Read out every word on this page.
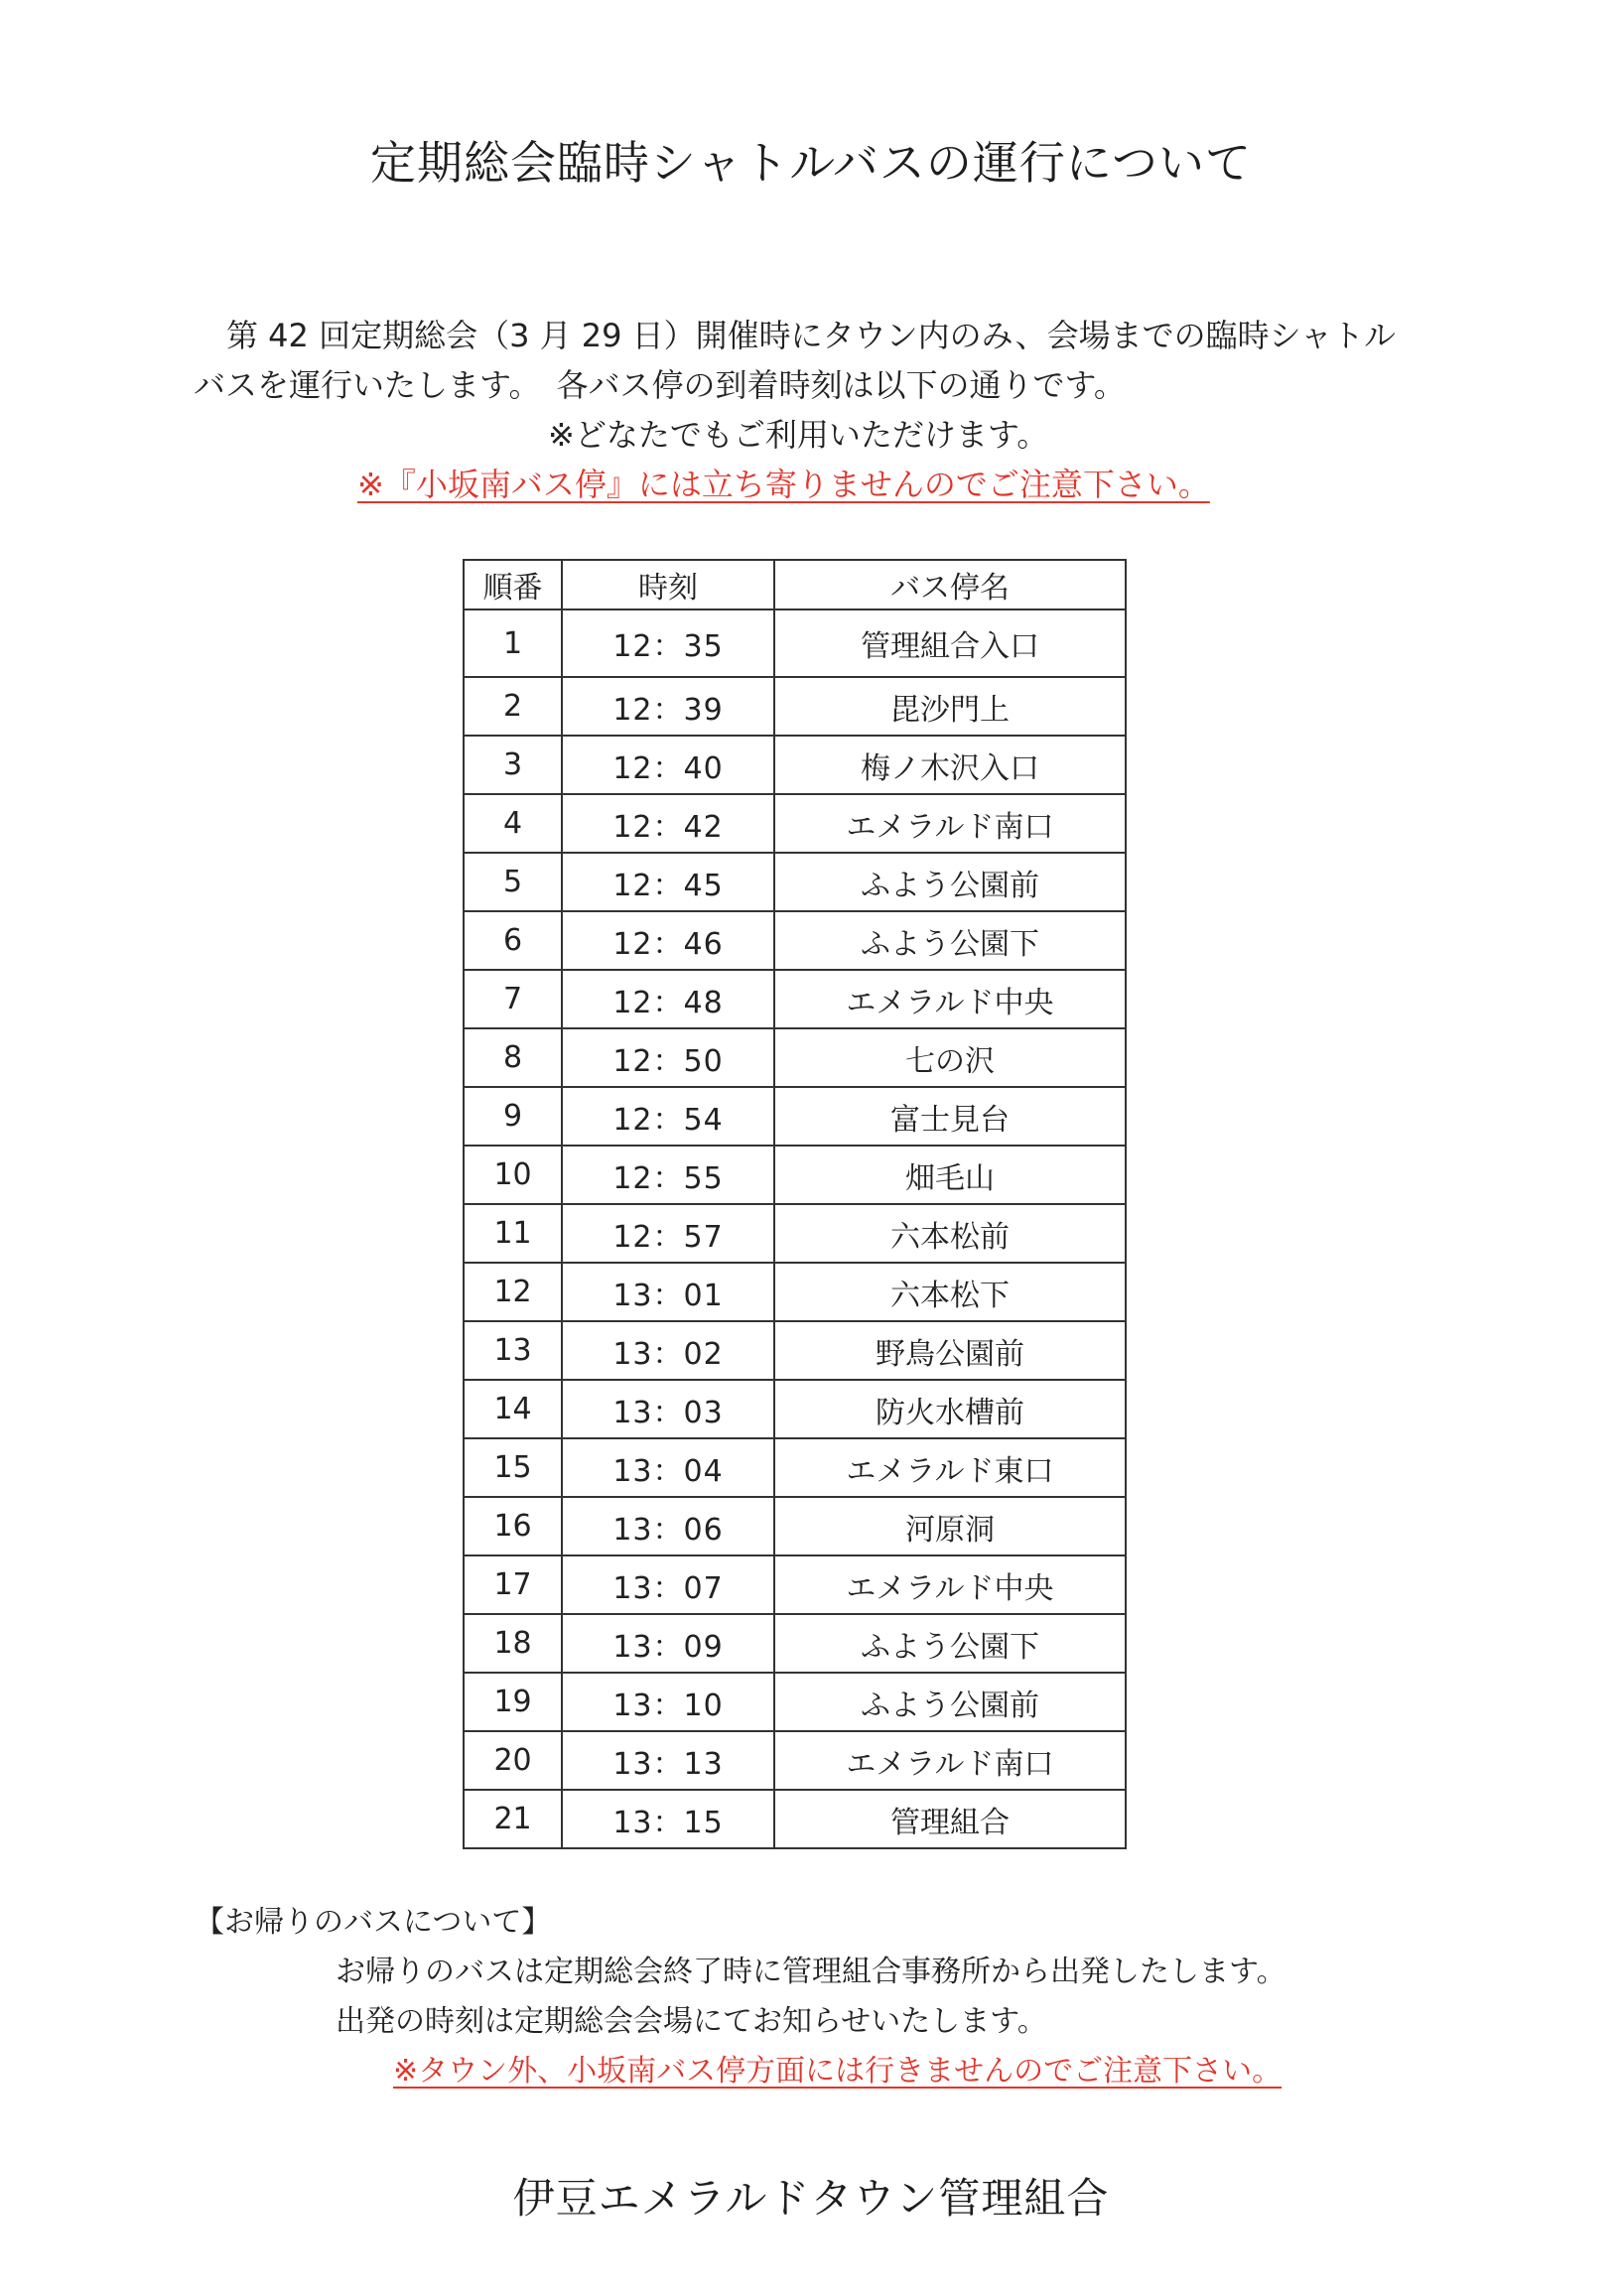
定期総会臨時シャトルバスの運行について
第 42 回定期総会（3 月 29 日）開催時にタウン内のみ、会場までの臨時シャトル
バスを運行いたします。　各バス停の到着時刻は以下の通りです。
※どなたでもご利用いただけます。
※『小坂南バス停』には立ち寄りませんのでご注意下さい。
順番	時刻	バス停名
1	12：35	管理組合入口
2	12：39	毘沙門上
3	12：40	梅ノ木沢入口
4	12：42	エメラルド南口
5	12：45	ふよう公園前
6	12：46	ふよう公園下
7	12：48	エメラルド中央
8	12：50	七の沢
9	12：54	富士見台
10	12：55	畑毛山
11	12：57	六本松前
12	13：01	六本松下
13	13：02	野鳥公園前
14	13：03	防火水槽前
15	13：04	エメラルド東口
16	13：06	河原洞
17	13：07	エメラルド中央
18	13：09	ふよう公園下
19	13：10	ふよう公園前
20	13：13	エメラルド南口
21	13：15	管理組合
【お帰りのバスについて】
お帰りのバスは定期総会終了時に管理組合事務所から出発したします。
出発の時刻は定期総会会場にてお知らせいたします。
※タウン外、小坂南バス停方面には行きませんのでご注意下さい。
伊豆エメラルドタウン管理組合
